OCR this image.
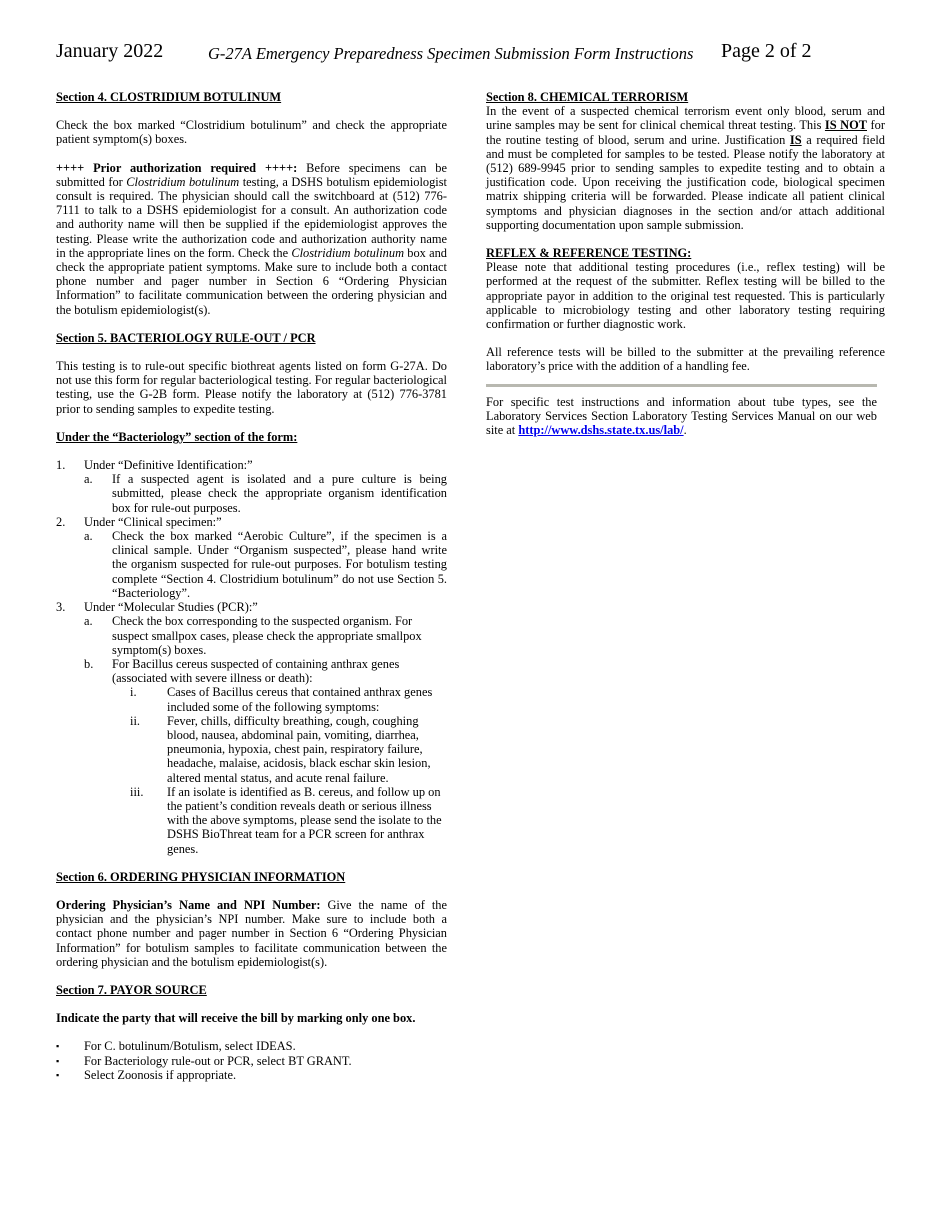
January 2022	G-27A Emergency Preparedness Specimen Submission Form Instructions Page 2 of 2

Section 4. CLOSTRIDIUM BOTULINUM

Check the box marked “Clostridium botulinum” and check the appropriate patient symptom(s) boxes.

++++ Prior authorization required ++++: Before specimens can be submitted for Clostridium botulinum testing, a DSHS botulism epidemiologist consult is required. The physician should call the switchboard at (512) 776-7111 to talk to a DSHS epidemiologist for a consult. An authorization code and authority name will then be supplied if the epidemiologist approves the testing. Please write the authorization code and authorization authority name in the appropriate lines on the form. Check the Clostridium botulinum box and check the appropriate patient symptoms. Make sure to include both a contact phone number and pager number in Section 6 “Ordering Physician Information” to facilitate communication between the ordering physician and the botulism epidemiologist(s).

Section 5. BACTERIOLOGY RULE-OUT / PCR

This testing is to rule-out specific biothreat agents listed on form G-27A. Do not use this form for regular bacteriological testing. For regular bacteriological testing, use the G-2B form. Please notify the laboratory at (512) 776-3781 prior to sending samples to expedite testing.

Under the “Bacteriology” section of the form:

1.	Under “Definitive Identification:”
a.	If a suspected agent is isolated and a pure culture is being submitted, please check the appropriate organism identification box for rule-out purposes.
2.	Under “Clinical specimen:”
a.	Check the box marked “Aerobic Culture”, if the specimen is a clinical sample. Under “Organism suspected”, please hand write the organism suspected for rule-out purposes. For botulism testing complete “Section 4. Clostridium botulinum” do not use Section 5. “Bacteriology”.
3.	Under “Molecular Studies (PCR):”
a.	Check the box corresponding to the suspected organism. For suspect smallpox cases, please check the appropriate smallpox symptom(s) boxes.
b.	For Bacillus cereus suspected of containing anthrax genes (associated with severe illness or death):
i.	Cases of Bacillus cereus that contained anthrax genes included some of the following symptoms:
ii.	Fever, chills, difficulty breathing, cough, coughing blood, nausea, abdominal pain, vomiting, diarrhea, pneumonia, hypoxia, chest pain, respiratory failure, headache, malaise, acidosis, black eschar skin lesion, altered mental status, and acute renal failure.
iii.	If an isolate is identified as B. cereus, and follow up on the patient’s condition reveals death or serious illness with the above symptoms, please send the isolate to the DSHS BioThreat team for a PCR screen for anthrax genes.

Section 6. ORDERING PHYSICIAN INFORMATION

Ordering Physician’s Name and NPI Number: Give the name of the physician and the physician’s NPI number. Make sure to include both a contact phone number and pager number in Section 6 “Ordering Physician Information” for botulism samples to facilitate communication between the ordering physician and the botulism epidemiologist(s).

Section 7. PAYOR SOURCE

Indicate the party that will receive the bill by marking only one box.

▪	For C. botulinum/Botulism, select IDEAS.
▪	For Bacteriology rule-out or PCR, select BT GRANT.
▪	Select Zoonosis if appropriate.

Section 8. CHEMICAL TERRORISM

In the event of a suspected chemical terrorism event only blood, serum and urine samples may be sent for clinical chemical threat testing. This IS NOT for the routine testing of blood, serum and urine. Justification IS a required field and must be completed for samples to be tested. Please notify the laboratory at (512) 689-9945 prior to sending samples to expedite testing and to obtain a justification code. Upon receiving the justification code, biological specimen matrix shipping criteria will be forwarded. Please indicate all patient clinical symptoms and physician diagnoses in the section and/or attach additional supporting documentation upon sample submission.

REFLEX & REFERENCE TESTING:

Please note that additional testing procedures (i.e., reflex testing) will be performed at the request of the submitter. Reflex testing will be billed to the appropriate payor in addition to the original test requested. This is particularly applicable to microbiology testing and other laboratory testing requiring confirmation or further diagnostic work.

All reference tests will be billed to the submitter at the prevailing reference laboratory’s price with the addition of a handling fee.

For specific test instructions and information about tube types, see the Laboratory Services Section Laboratory Testing Services Manual on our web site at http://www.dshs.state.tx.us/lab/.
